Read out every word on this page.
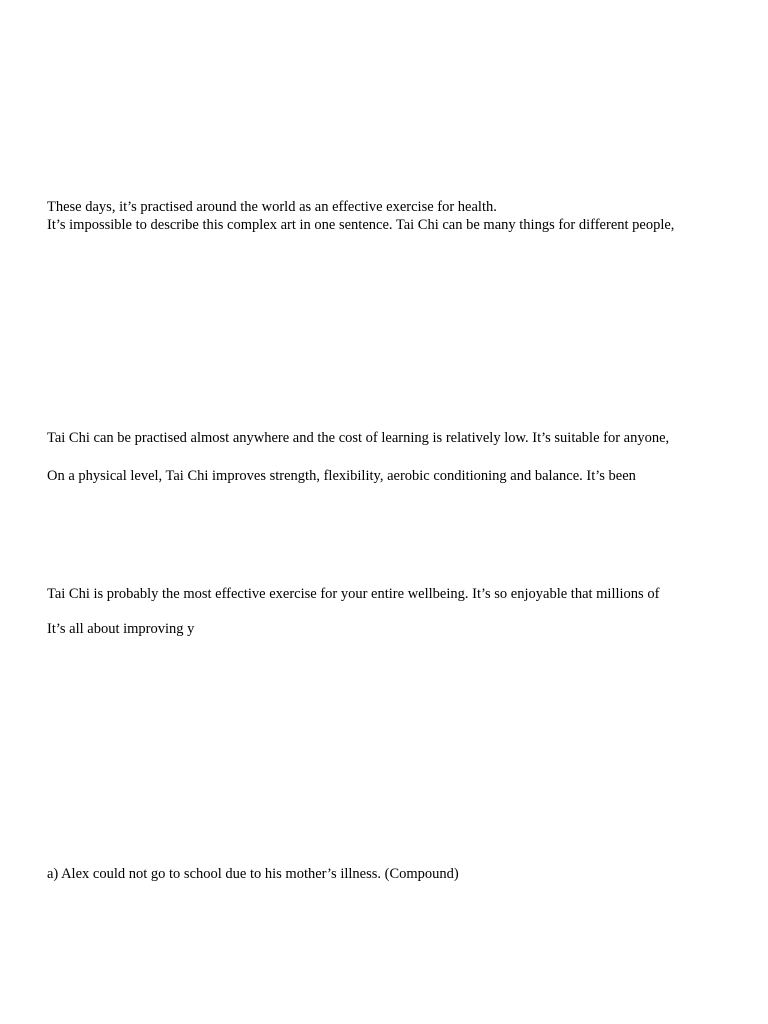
These days, it’s practised around the world as an effective exercise for health.

It’s impossible to describe this complex art in one sentence. Tai Chi can be many things for different people,

Tai Chi can be practised almost anywhere and the cost of learning is relatively low. It’s suitable for anyone,

On a physical level, Tai Chi improves strength, flexibility, aerobic conditioning and balance. It’s been

Tai Chi is probably the most effective exercise for your entire wellbeing. It’s so enjoyable that millions of

It’s all about improving y

a) Alex could not go to school due to his mother’s illness. (Compound)
